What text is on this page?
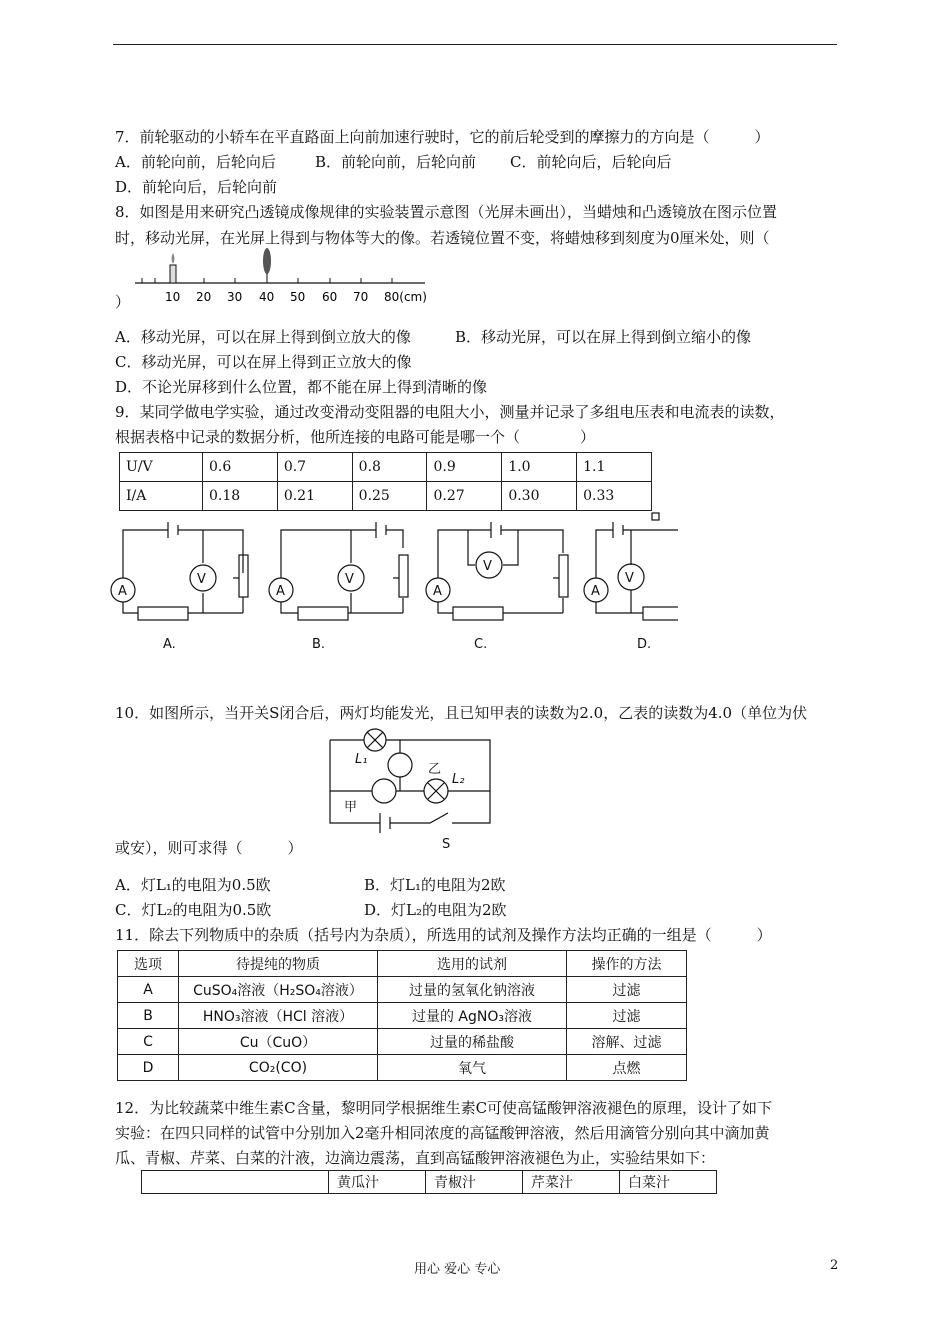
7．前轮驱动的小轿车在平直路面上向前加速行驶时，它的前后轮受到的摩擦力的方向是（　　　）
A．前轮向前，后轮向后	B．前轮向前，后轮向前 C．前轮向后，后轮向后
D．前轮向后，后轮向前
8．如图是用来研究凸透镜成像规律的实验装置示意图（光屏未画出），当蜡烛和凸透镜放在图示位置
时，移动光屏，在光屏上得到与物体等大的像。若透镜位置不变，将蜡烛移到刻度为0厘米处，则（
10 20 30 40 50 60 70 80(cm)
）
A．移动光屏，可以在屏上得到倒立放大的像	B．移动光屏，可以在屏上得到倒立缩小的像
C．移动光屏，可以在屏上得到正立放大的像
D．不论光屏移到什么位置，都不能在屏上得到清晰的像
9．某同学做电学实验，通过改变滑动变阻器的电阻大小，测量并记录了多组电压表和电流表的读数，
根据表格中记录的数据分析，他所连接的电路可能是哪一个（　　　　）
U/V	0.6	0.7	0.8	0.9	1.0	1.1
I/A	0.18	0.21	0.25	0.27	0.30	0.33
A
V
A
V
A
V
A
V
A.	B.	C.	D.
10．如图所示，当开关S闭合后，两灯均能发光，且已知甲表的读数为2.0，乙表的读数为4.0（单位为伏
L₁
乙
L₂
甲
S
或安），则可求得（　　　）
A．灯L₁的电阻为0.5欧	B．灯L₁的电阻为2欧
C．灯L₂的电阻为0.5欧	D．灯L₂的电阻为2欧
11．除去下列物质中的杂质（括号内为杂质），所选用的试剂及操作方法均正确的一组是（　　　）
选项	待提纯的物质	选用的试剂	操作的方法
A	CuSO₄溶液（H₂SO₄溶液）	过量的氢氧化钠溶液	过滤
B	HNO₃溶液（HCl 溶液）	过量的 AgNO₃溶液	过滤
C	Cu（CuO）	过量的稀盐酸	溶解、过滤
D	CO₂(CO)	氧气	点燃
12．为比较蔬菜中维生素C含量，黎明同学根据维生素C可使高锰酸钾溶液褪色的原理，设计了如下
实验：在四只同样的试管中分别加入2毫升相同浓度的高锰酸钾溶液，然后用滴管分别向其中滴加黄
瓜、青椒、芹菜、白菜的汁液，边滴边震荡，直到高锰酸钾溶液褪色为止，实验结果如下：
	黄瓜汁	青椒汁	芹菜汁	白菜汁
用心 爱心 专心	2
